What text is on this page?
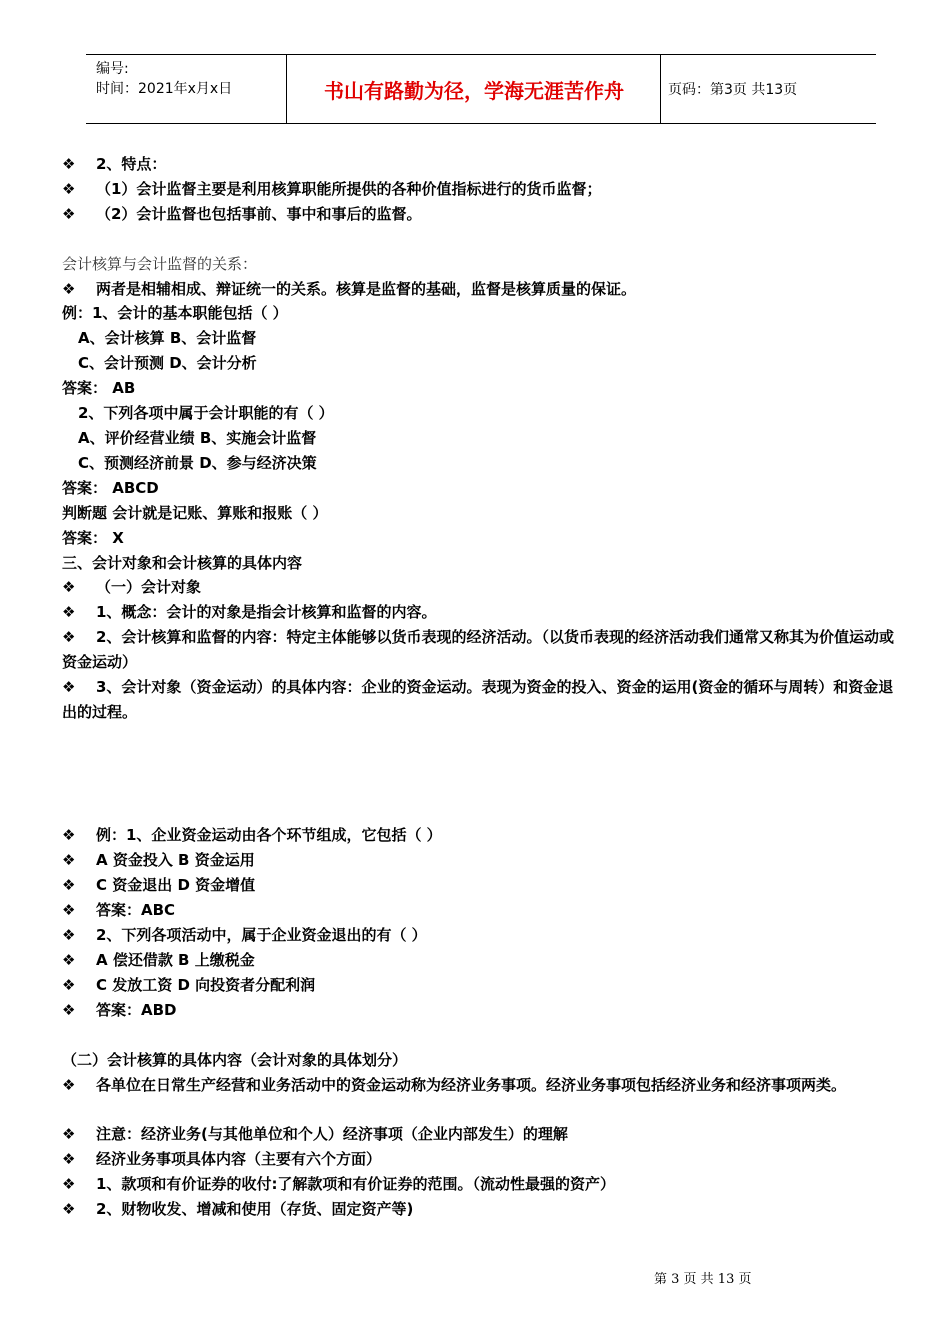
编号:
时间：2021年x月x日	书山有路勤为径，学海无涯苦作舟	页码：第3页 共13页
❖ 2、特点：
❖ （1）会计监督主要是利用核算职能所提供的各种价值指标进行的货币监督；
❖ （2）会计监督也包括事前、事中和事后的监督。
会计核算与会计监督的关系：
❖ 两者是相辅相成、辩证统一的关系。核算是监督的基础，监督是核算质量的保证。
例：1、会计的基本职能包括（ ）
A、会计核算 B、会计监督
C、会计预测 D、会计分析
答案： AB
2、下列各项中属于会计职能的有（ ）
A、评价经营业绩 B、实施会计监督
C、预测经济前景 D、参与经济决策
答案： ABCD
判断题 会计就是记账、算账和报账（ ）
答案： X
三、会计对象和会计核算的具体内容
❖ （一）会计对象
❖ 1、概念：会计的对象是指会计核算和监督的内容。
❖ 2、会计核算和监督的内容：特定主体能够以货币表现的经济活动。（以货币表现的经济活动我们通常又称其为价值运动或资金运动）
❖ 3、会计对象（资金运动）的具体内容：企业的资金运动。表现为资金的投入、资金的运用(资金的循环与周转）和资金退出的过程。
❖ 例：1、企业资金运动由各个环节组成，它包括（ ）
❖ A 资金投入 B 资金运用
❖ C 资金退出 D 资金增值
❖ 答案：ABC
❖ 2、下列各项活动中，属于企业资金退出的有（ ）
❖ A 偿还借款 B 上缴税金
❖ C 发放工资 D 向投资者分配利润
❖ 答案：ABD
（二）会计核算的具体内容（会计对象的具体划分）
❖ 各单位在日常生产经营和业务活动中的资金运动称为经济业务事项。经济业务事项包括经济业务和经济事项两类。
❖ 注意：经济业务(与其他单位和个人）经济事项（企业内部发生）的理解
❖ 经济业务事项具体内容（主要有六个方面）
❖ 1、款项和有价证券的收付:了解款项和有价证券的范围。（流动性最强的资产）
❖ 2、财物收发、增减和使用（存货、固定资产等)
第 3 页 共 13 页
